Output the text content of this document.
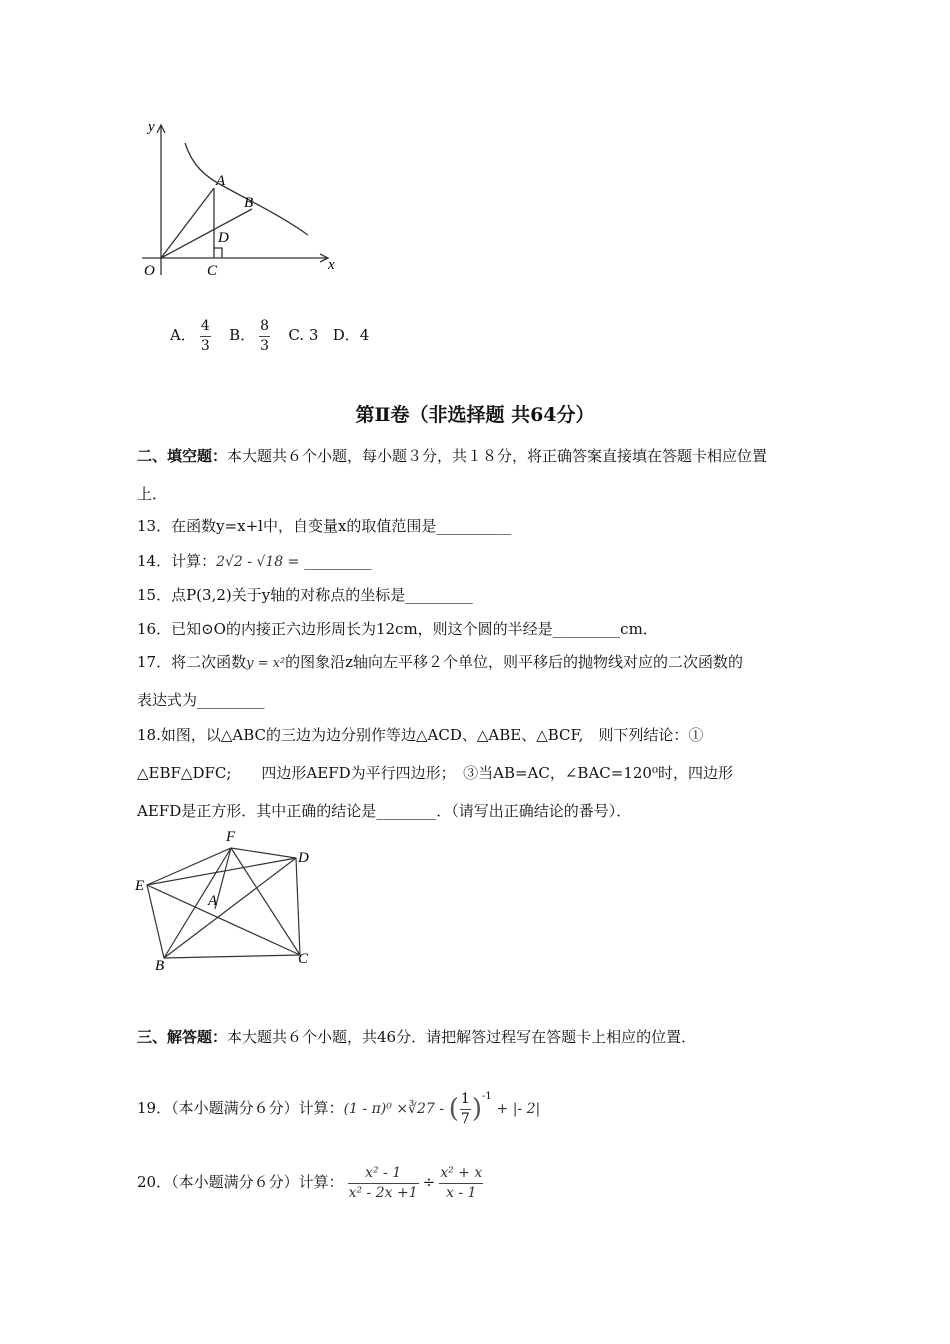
y
x
O	C
A
B
D
A． $\frac{4}{3}$ B． $\frac{8}{3} C$. 3 D．4
第Ⅱ卷（非选择题 共64分）
二、填空题：本大题共６个小题，每小题３分，共１８分，将正确答案直接填在答题卡相应位置
上．
13．在函数y=x+l中，自变量x的取值范围是__________
14．计算：2√2 - √18 = _________
15．点P(3,2)关于y轴的对称点的坐标是_________
16．已知⊙O的内接正六边形周长为12cm，则这个圆的半经是_________cm．
17．将二次函数y = x²的图象沿z轴向左平移２个单位，则平移后的抛物线对应的二次函数的
表达式为_________
18.如图，以△ABC的三边为边分别作等边△ACD、△ABE、△BCF,　则下列结论：①
△EBF△DFC;　　四边形AEFD为平行四边形；　③当AB=AC，∠BAC=120⁰时，四边形
AEFD是正方形．其中正确的结论是________．（请写出正确结论的番号）．
F
D
E
A
B	C
三、解答题：本大题共６个小题，共46分．请把解答过程写在答题卡上相应的位置．
19．（本小题满分６分）计算：(1 - π)⁰ ×∛27 - ( $\frac{1}{7} )^{-1}$ + |- 2|
20．（本小题满分６分）计算： $\frac{\text{x² - 1}}{\text{x² - 2x +1}} \div \frac{\text{x² + x}}{x - 1}$
